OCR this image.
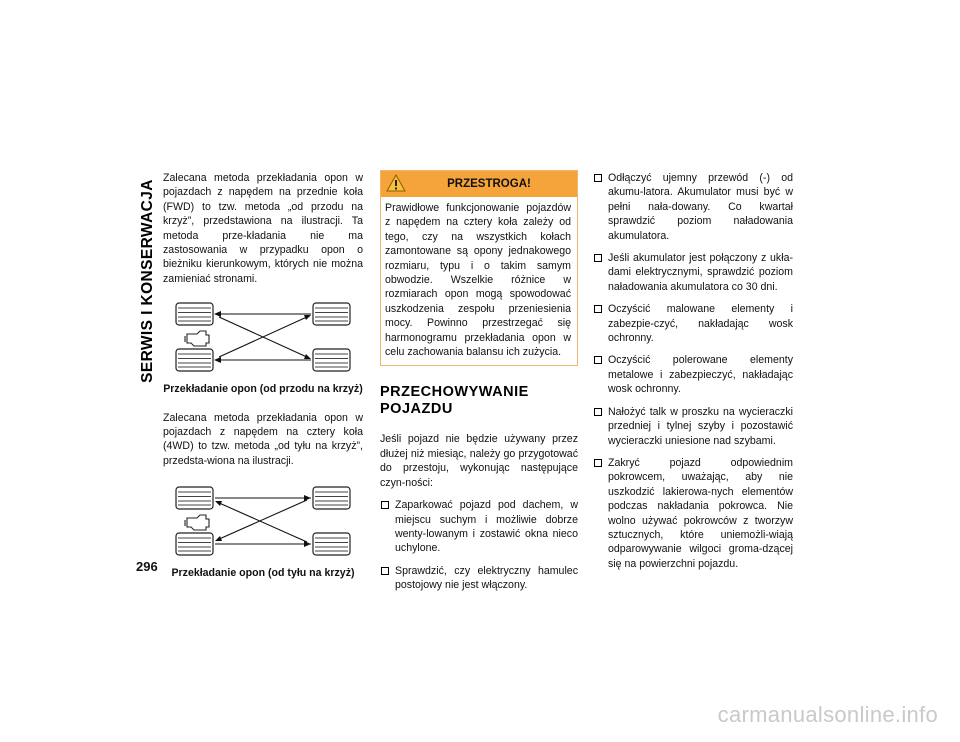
SERWIS I KONSERWACJA

Zalecana metoda przekładania opon w pojazdach z napędem na przednie koła (FWD) to tzw. metoda „od przodu na krzyż”, przedstawiona na ilustracji. Ta metoda prze-kładania nie ma zastosowania w przypadku opon o bieżniku kierunkowym, których nie można zamieniać stronami.

Przekładanie opon (od przodu na krzyż)

Zalecana metoda przekładania opon w pojazdach z napędem na cztery koła (4WD) to tzw. metoda „od tyłu na krzyż”, przedsta-wiona na ilustracji.

Przekładanie opon (od tyłu na krzyż)
PRZESTROGA!

Prawidłowe funkcjonowanie pojazdów z napędem na cztery koła zależy od tego, czy na wszystkich kołach zamontowane są opony jednakowego rozmiaru, typu i o takim samym obwodzie. Wszelkie różnice w rozmiarach opon mogą spowodować uszkodzenia zespołu przeniesienia mocy. Powinno przestrzegać się harmonogramu przekładania opon w celu zachowania balansu ich zużycia.

PRZECHOWYWANIE POJAZDU

Jeśli pojazd nie będzie używany przez dłużej niż miesiąc, należy go przygotować do przestoju, wykonując następujące czyn-ności:

Zaparkować pojazd pod dachem, w miejscu suchym i możliwie dobrze wenty-lowanym i zostawić okna nieco uchylone.

Sprawdzić, czy elektryczny hamulec postojowy nie jest włączony.

Odłączyć ujemny przewód (-) od akumu-latora. Akumulator musi być w pełni nała-dowany. Co kwartał sprawdzić poziom naładowania akumulatora.

Jeśli akumulator jest połączony z ukła-dami elektrycznymi, sprawdzić poziom naładowania akumulatora co 30 dni.

Oczyścić malowane elementy i zabezpie-czyć, nakładając wosk ochronny.

Oczyścić polerowane elementy metalowe i zabezpieczyć, nakładając wosk ochronny.

Nałożyć talk w proszku na wycieraczki przedniej i tylnej szyby i pozostawić wycieraczki uniesione nad szybami.

Zakryć pojazd odpowiednim pokrowcem, uważając, aby nie uszkodzić lakierowa-nych elementów podczas nakładania pokrowca. Nie wolno używać pokrowców z tworzyw sztucznych, które uniemożli-wiają odparowywanie wilgoci groma-dzącej się na powierzchni pojazdu.

296
carmanualsonline.info
